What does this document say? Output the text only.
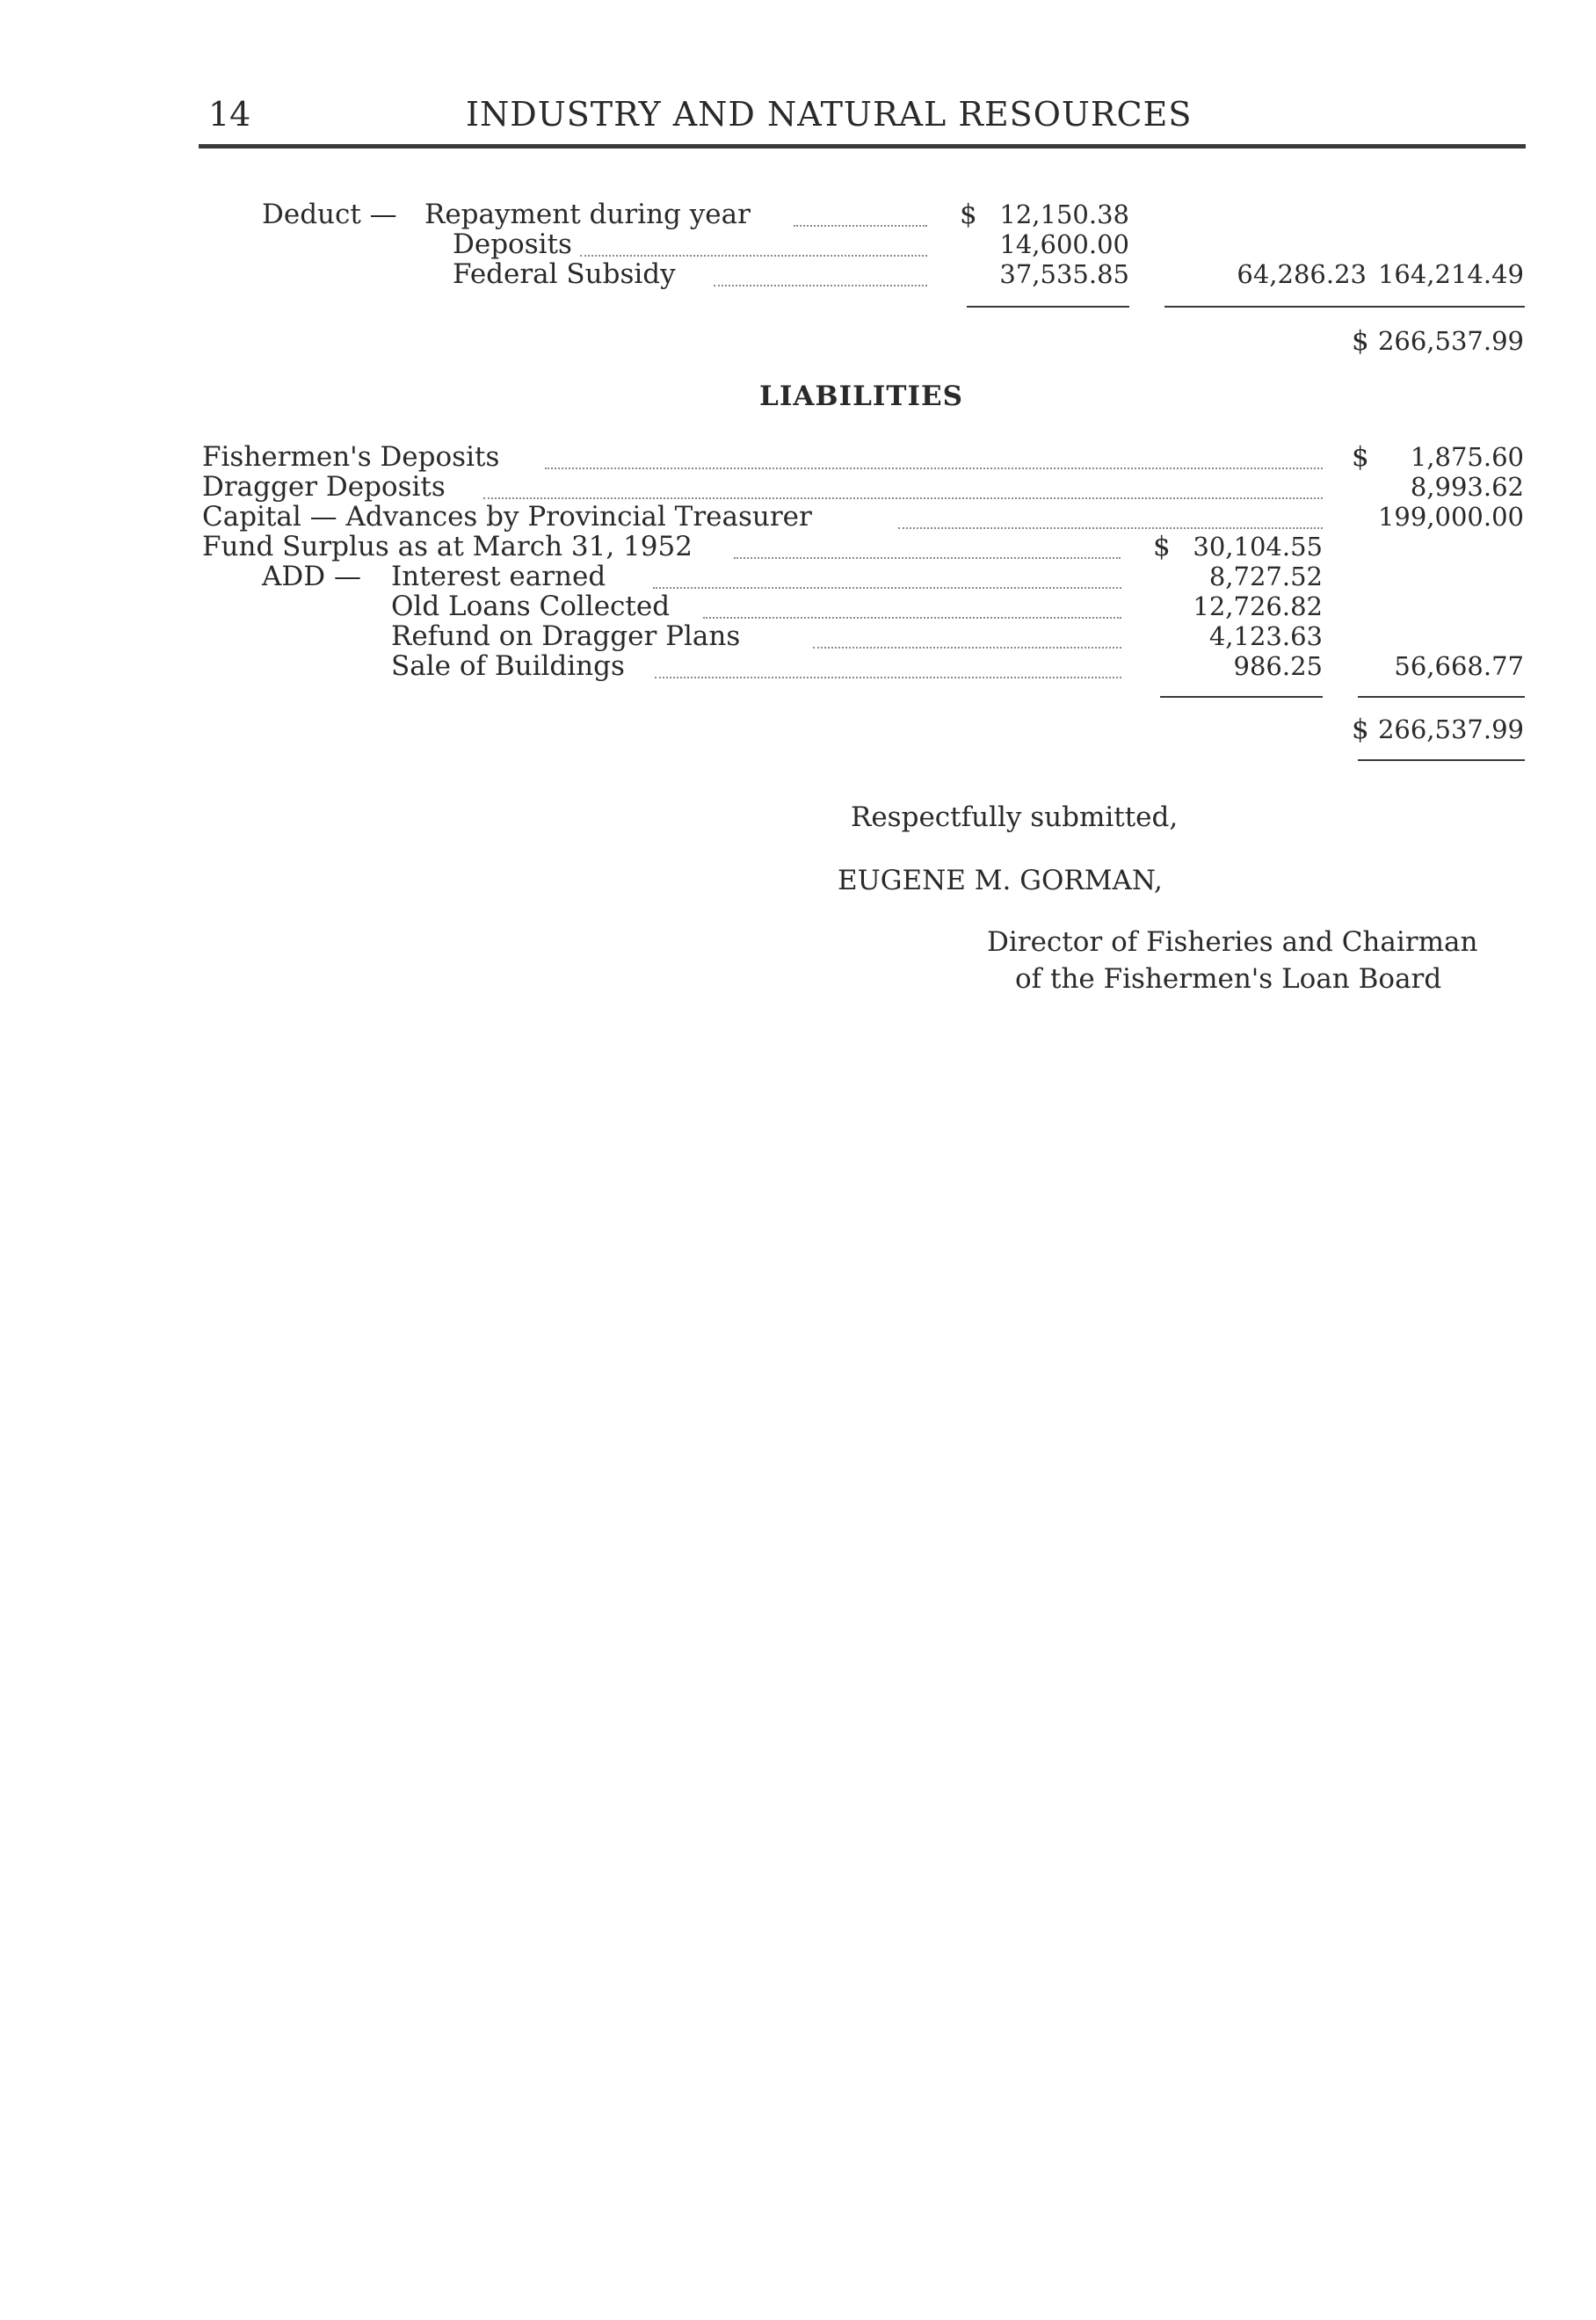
14	INDUSTRY AND NATURAL RESOURCES
Deduct — Repayment during year	$ 12,150.38
Deposits	14,600.00
Federal Subsidy	37,535.85	64,286.23 164,214.49
$ 266,537.99
LIABILITIES
Fishermen's Deposits	$	1,875.60
Dragger Deposits	8,993.62
Capital — Advances by Provincial Treasurer	199,000.00
Fund Surplus as at March 31, 1952	$ 30,104.55
ADD — Interest earned	8,727.52
Old Loans Collected	12,726.82
Refund on Dragger Plans	4,123.63
Sale of Buildings	986.25	56,668.77
$ 266,537.99
Respectfully submitted,
EUGENE M. GORMAN,
Director of Fisheries and Chairman
of the Fishermen's Loan Board
